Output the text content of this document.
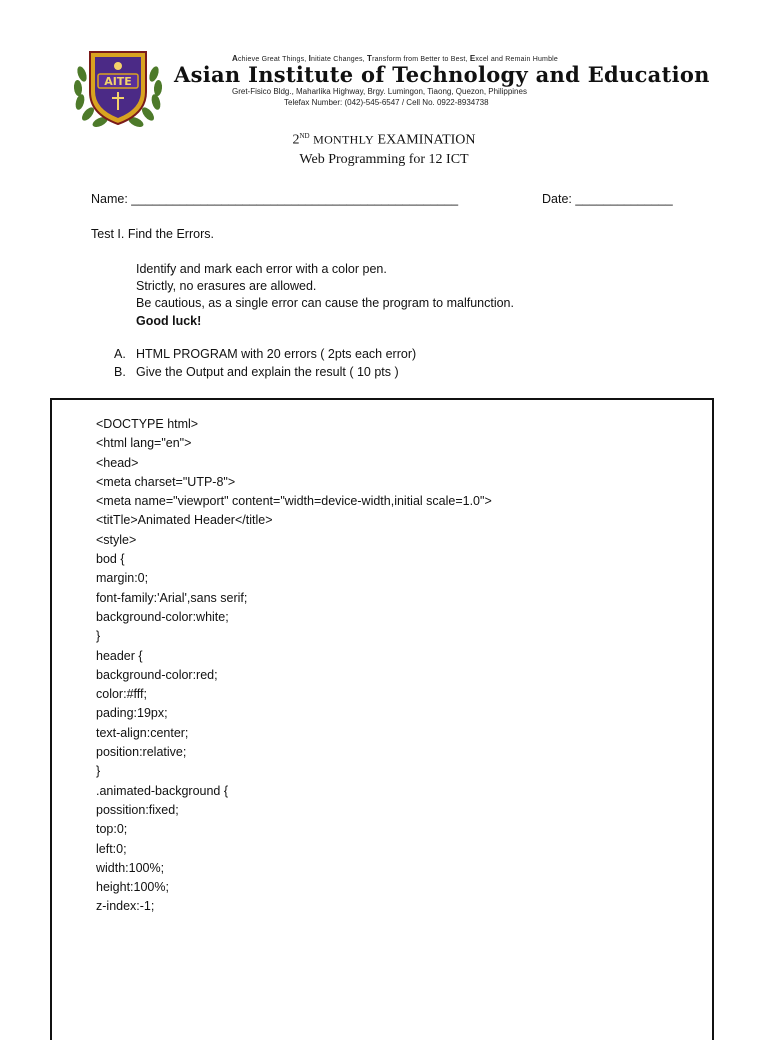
AITE
Achieve Great Things, Initiate Changes, Transform from Better to Best, Excel and Remain Humble
Asian Institute of Technology and Education
Gret-Fisico Bldg., Maharlika Highway, Brgy. Lumingon, Tiaong, Quezon, Philippines
Telefax Number: (042)-545-6547 / Cell No. 0922-8934738
2ND MONTHLY EXAMINATION
Web Programming for 12 ICT
Name: _______________________________________________	Date: ______________
Test I. Find the Errors.
Identify and mark each error with a color pen.
Strictly, no erasures are allowed.
Be cautious, as a single error can cause the program to malfunction.
Good luck!
A. HTML PROGRAM with 20 errors ( 2pts each error)
B. Give the Output and explain the result ( 10 pts )
<DOCTYPE html>
<html lang="en">
<head>
<meta charset="UTP-8">
<meta name="viewport" content="width=device-width,initial scale=1.0">
<titTle>Animated Header</title>
<style>
bod {
margin:0;
font-family:'Arial',sans serif;
background-color:white;
}
header {
background-color:red;
color:#fff;
pading:19px;
text-align:center;
position:relative;
}
.animated-background {
possition:fixed;
top:0;
left:0;
width:100%;
height:100%;
z-index:-1;
